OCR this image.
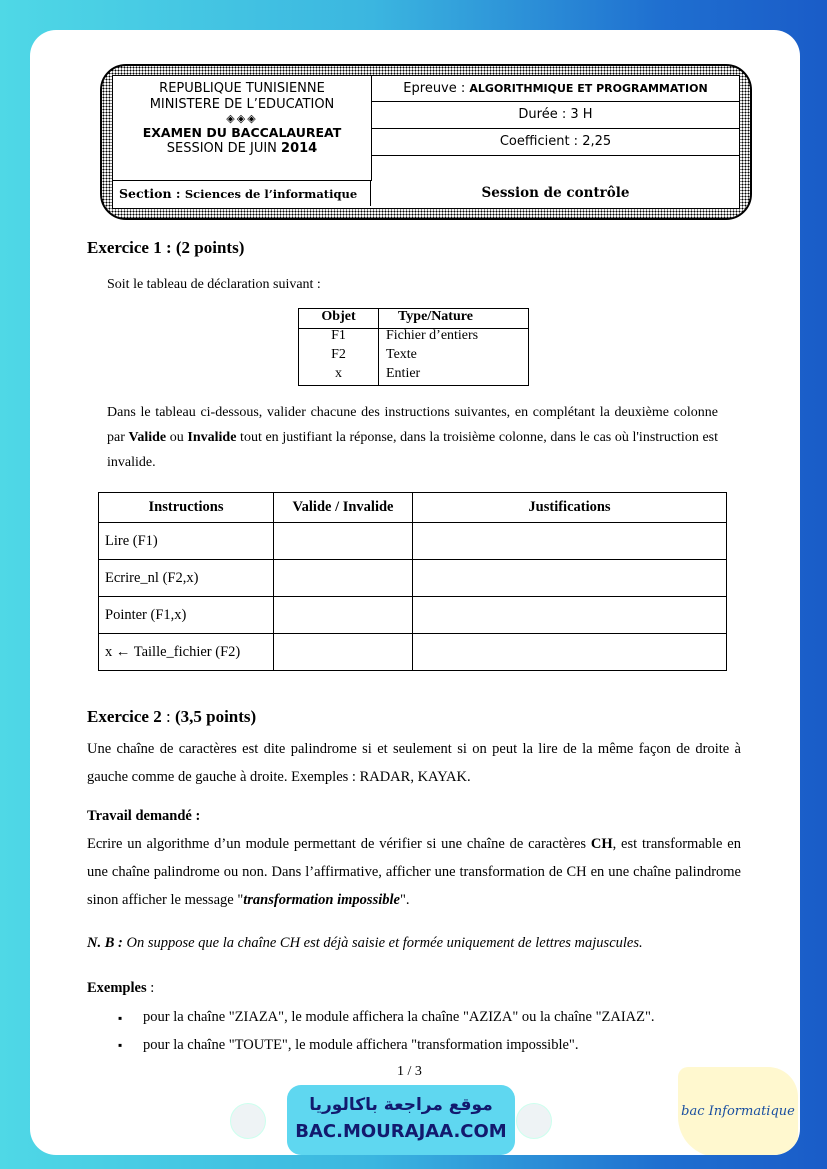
REPUBLIQUE TUNISIENNE
MINISTERE DE L’EDUCATION
◈◈◈
EXAMEN DU BACCALAUREAT
SESSION DE JUIN 2014
Epreuve : ALGORITHMIQUE ET PROGRAMMATION
Durée : 3 H
Coefficient : 2,25
Section : Sciences de l’informatique	Session de contrôle
Exercice 1 : (2 points)
Soit le tableau de déclaration suivant :
Objet	Type/Nature
F1	Fichier d’entiers
F2	Texte
x	Entier
Dans le tableau ci-dessous, valider chacune des instructions suivantes, en complétant la deuxième colonne par Valide ou Invalide tout en justifiant la réponse, dans la troisième colonne, dans le cas où l'instruction est invalide.
Instructions	Valide / Invalide	Justifications
Lire (F1)		
Ecrire_nl (F2,x)		
Pointer (F1,x)		
x ← Taille_fichier (F2)		
Exercice 2 : (3,5 points)
Une chaîne de caractères est dite palindrome si et seulement si on peut la lire de la même façon de droite à gauche comme de gauche à droite. Exemples : RADAR, KAYAK.
Travail demandé :
Ecrire un algorithme d’un module permettant de vérifier si une chaîne de caractères CH, est transformable en une chaîne palindrome ou non. Dans l’affirmative, afficher une transformation de CH en une chaîne palindrome sinon afficher le message "transformation impossible".
N. B : On suppose que la chaîne CH est déjà saisie et formée uniquement de lettres majuscules.
Exemples :
▪ pour la chaîne "ZIAZA", le module affichera la chaîne "AZIZA" ou la chaîne "ZAIAZ".
▪ pour la chaîne "TOUTE", le module affichera "transformation impossible".
1 / 3
موقع مراجعة باكالوريا
BAC.MOURAJAA.COM
bac Informatique
